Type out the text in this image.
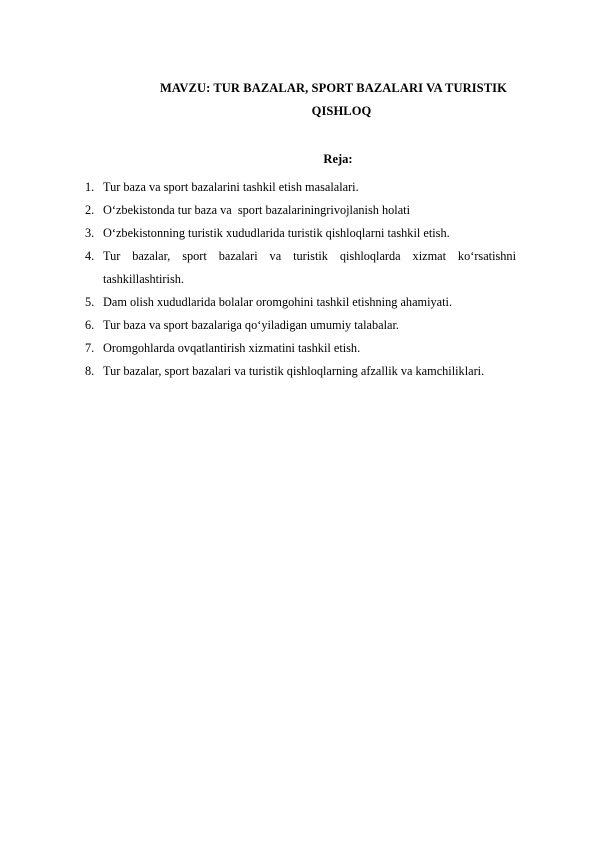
MAVZU: TUR BAZALAR, SPORT BAZALARI VA TURISTIK
QISHLOQ
Reja:
1. Tur baza va sport bazalarini tashkil etish masalalari.
2. O‘zbekistonda tur baza va  sport bazalariningrivojlanish holati
3. O‘zbekistonning turistik xududlarida turistik qishloqlarni tashkil etish.
4. Tur bazalar, sport bazalari va turistik qishloqlarda xizmat ko‘rsatishni
tashkillashtirish.
5. Dam olish xududlarida bolalar oromgohini tashkil etishning ahamiyati.
6. Tur baza va sport bazalariga qo‘yiladigan umumiy talabalar.
7. Oromgohlarda ovqatlantirish xizmatini tashkil etish.
8. Tur bazalar, sport bazalari va turistik qishloqlarning afzallik va kamchiliklari.
